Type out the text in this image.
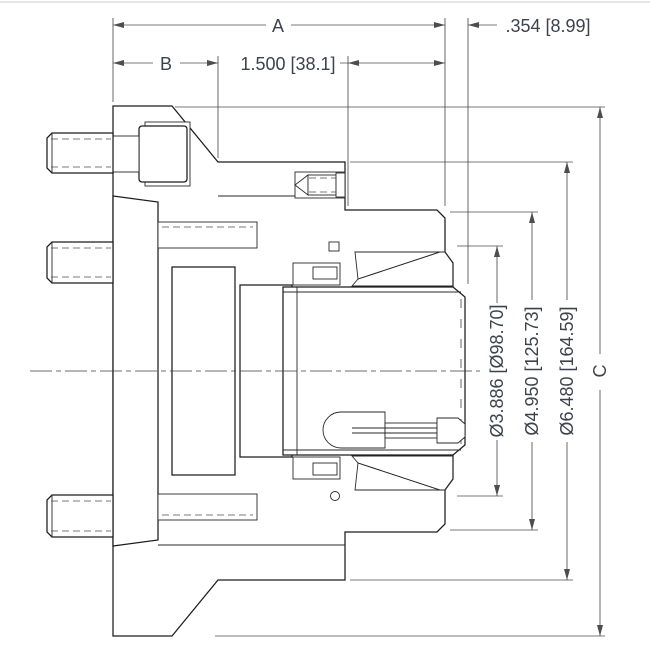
A
B	1.500 [38.1]
.354 [8.99]
Ø3.886 [Ø98.70] Ø4.950 [125.73] Ø6.480 [164.59] C
